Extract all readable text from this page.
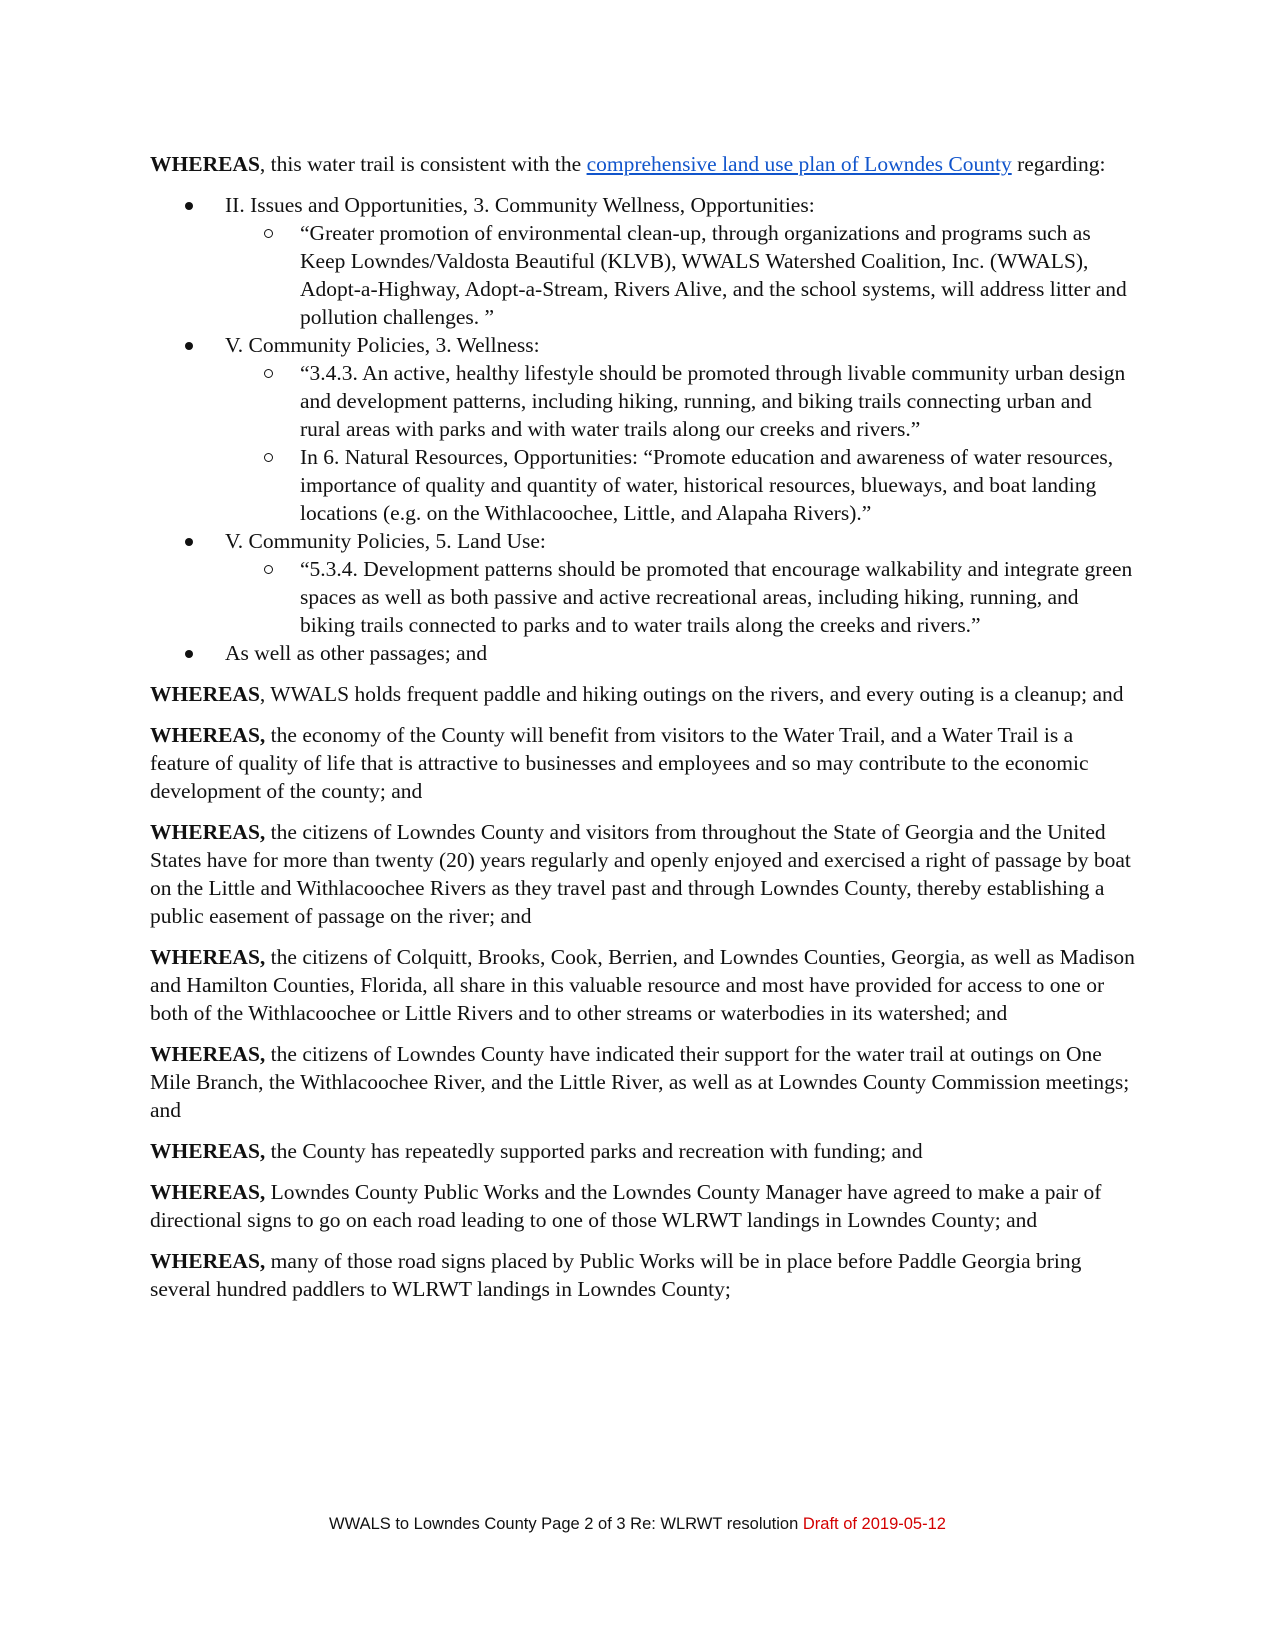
WHEREAS, this water trail is consistent with the comprehensive land use plan of Lowndes County regarding:

II. Issues and Opportunities, 3. Community Wellness, Opportunities:
“Greater promotion of environmental clean-up, through organizations and programs such as Keep Lowndes/Valdosta Beautiful (KLVB), WWALS Watershed Coalition, Inc. (WWALS), Adopt-a-Highway, Adopt-a-Stream, Rivers Alive, and the school systems, will address litter and pollution challenges. ”
V. Community Policies, 3. Wellness:
“3.4.3. An active, healthy lifestyle should be promoted through livable community urban design and development patterns, including hiking, running, and biking trails connecting urban and rural areas with parks and with water trails along our creeks and rivers.”
In 6. Natural Resources, Opportunities: “Promote education and awareness of water resources, importance of quality and quantity of water, historical resources, blueways, and boat landing locations (e.g. on the Withlacoochee, Little, and Alapaha Rivers).”
V. Community Policies, 5. Land Use:
“5.3.4. Development patterns should be promoted that encourage walkability and integrate green spaces as well as both passive and active recreational areas, including hiking, running, and biking trails connected to parks and to water trails along the creeks and rivers.”
As well as other passages; and

WHEREAS, WWALS holds frequent paddle and hiking outings on the rivers, and every outing is a cleanup; and

WHEREAS, the economy of the County will benefit from visitors to the Water Trail, and a Water Trail is a feature of quality of life that is attractive to businesses and employees and so may contribute to the economic development of the county; and

WHEREAS, the citizens of Lowndes County and visitors from throughout the State of Georgia and the United States have for more than twenty (20) years regularly and openly enjoyed and exercised a right of passage by boat on the Little and Withlacoochee Rivers as they travel past and through Lowndes County, thereby establishing a public easement of passage on the river; and

WHEREAS, the citizens of Colquitt, Brooks, Cook, Berrien, and Lowndes Counties, Georgia, as well as Madison and Hamilton Counties, Florida, all share in this valuable resource and most have provided for access to one or both of the Withlacoochee or Little Rivers and to other streams or waterbodies in its watershed; and

WHEREAS, the citizens of Lowndes County have indicated their support for the water trail at outings on One Mile Branch, the Withlacoochee River, and the Little River, as well as at Lowndes County Commission meetings; and

WHEREAS, the County has repeatedly supported parks and recreation with funding; and

WHEREAS, Lowndes County Public Works and the Lowndes County Manager have agreed to make a pair of directional signs to go on each road leading to one of those WLRWT landings in Lowndes County; and

WHEREAS, many of those road signs placed by Public Works will be in place before Paddle Georgia bring several hundred paddlers to WLRWT landings in Lowndes County;

WWALS to Lowndes County Page 2 of 3 Re: WLRWT resolution Draft of 2019-05-12
